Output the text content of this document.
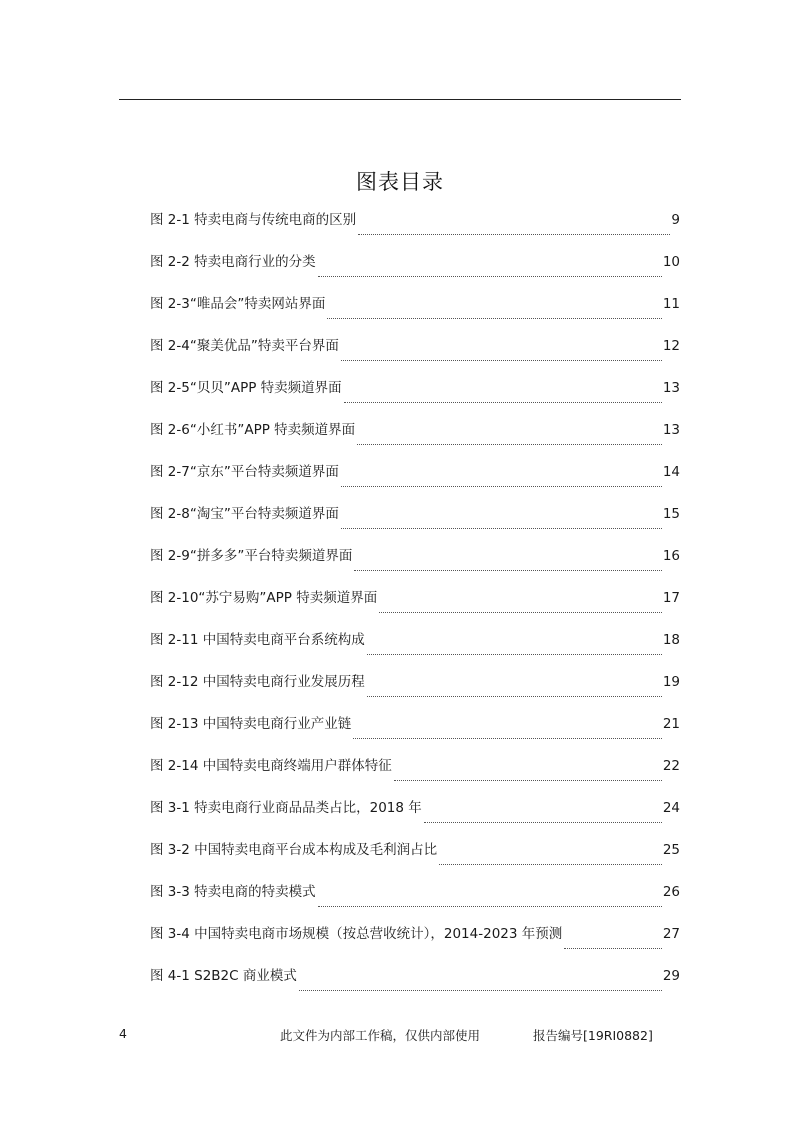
图表目录
图 2-1 特卖电商与传统电商的区别	9
图 2-2 特卖电商行业的分类	10
图 2-3“唯品会”特卖网站界面	11
图 2-4“聚美优品”特卖平台界面	12
图 2-5“贝贝”APP 特卖频道界面	13
图 2-6“小红书”APP 特卖频道界面	13
图 2-7“京东”平台特卖频道界面	14
图 2-8“淘宝”平台特卖频道界面	15
图 2-9“拼多多”平台特卖频道界面	16
图 2-10“苏宁易购”APP 特卖频道界面	17
图 2-11 中国特卖电商平台系统构成	18
图 2-12 中国特卖电商行业发展历程	19
图 2-13 中国特卖电商行业产业链	21
图 2-14 中国特卖电商终端用户群体特征	22
图 3-1 特卖电商行业商品品类占比，2018 年	24
图 3-2 中国特卖电商平台成本构成及毛利润占比	25
图 3-3 特卖电商的特卖模式	26
图 3-4 中国特卖电商市场规模（按总营收统计），2014-2023 年预测	27
图 4-1 S2B2C 商业模式	29
4	此文件为内部工作稿，仅供内部使用	报告编号[19RI0882]
